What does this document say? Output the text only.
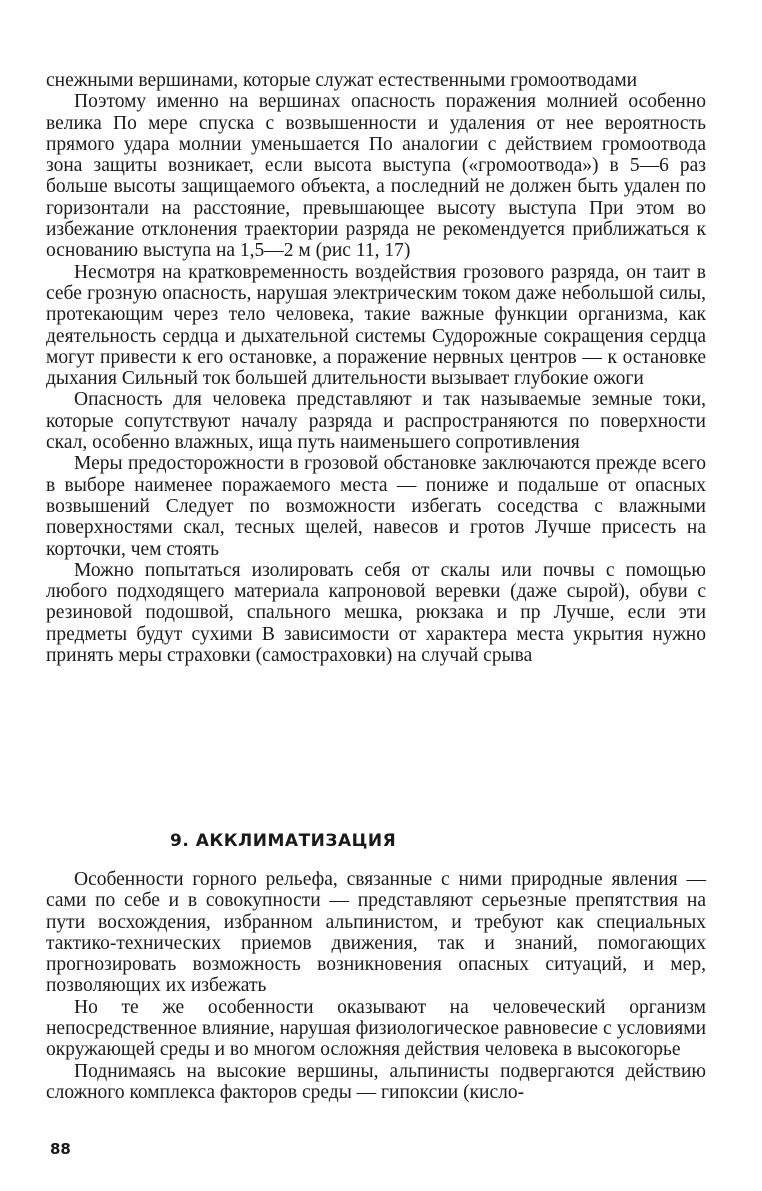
снежными вершинами, которые служат естественными громоотводами

Поэтому именно на вершинах опасность поражения молнией особенно велика По мере спуска с возвышенности и удаления от нее вероятность прямого удара молнии уменьшается По аналогии с действием громоотвода зона защиты возникает, если высота выступа («громоотвода») в 5—6 раз больше высоты защищаемого объекта, а последний не должен быть удален по горизонтали на расстояние, превышающее высоту выступа При этом во избежание отклонения траектории разряда не рекомендуется приближаться к основанию выступа на 1,5—2 м (рис 11, 17)

Несмотря на кратковременность воздействия грозового разряда, он таит в себе грозную опасность, нарушая электрическим током даже небольшой силы, протекающим через тело человека, такие важные функции организма, как деятельность сердца и дыхательной системы Судорожные сокращения сердца могут привести к его остановке, а поражение нервных центров — к остановке дыхания Сильный ток большей длительности вызывает глубокие ожоги

Опасность для человека представляют и так называемые земные токи, которые сопутствуют началу разряда и распространяются по поверхности скал, особенно влажных, ища путь наименьшего сопротивления

Меры предосторожности в грозовой обстановке заключаются прежде всего в выборе наименее поражаемого места — пониже и подальше от опасных возвышений Следует по возможности избегать соседства с влажными поверхностями скал, тесных щелей, навесов и гротов Лучше присесть на корточки, чем стоять

Можно попытаться изолировать себя от скалы или почвы с помощью любого подходящего материала капроновой веревки (даже сырой), обуви с резиновой подошвой, спального мешка, рюкзака и пр Лучше, если эти предметы будут сухими В зависимости от характера места укрытия нужно принять меры страховки (самостраховки) на случай срыва

9. АККЛИМАТИЗАЦИЯ

Особенности горного рельефа, связанные с ними природные явления — сами по себе и в совокупности — представляют серьезные препятствия на пути восхождения, избранном альпинистом, и требуют как специальных тактико-технических приемов движения, так и знаний, помогающих прогнозировать возможность возникновения опасных ситуаций, и мер, позволяющих их избежать

Но те же особенности оказывают на человеческий организм непосредственное влияние, нарушая физиологическое равновесие с условиями окружающей среды и во многом осложняя действия человека в высокогорье

Поднимаясь на высокие вершины, альпинисты подвергаются действию сложного комплекса факторов среды — гипоксии (кисло-

88
